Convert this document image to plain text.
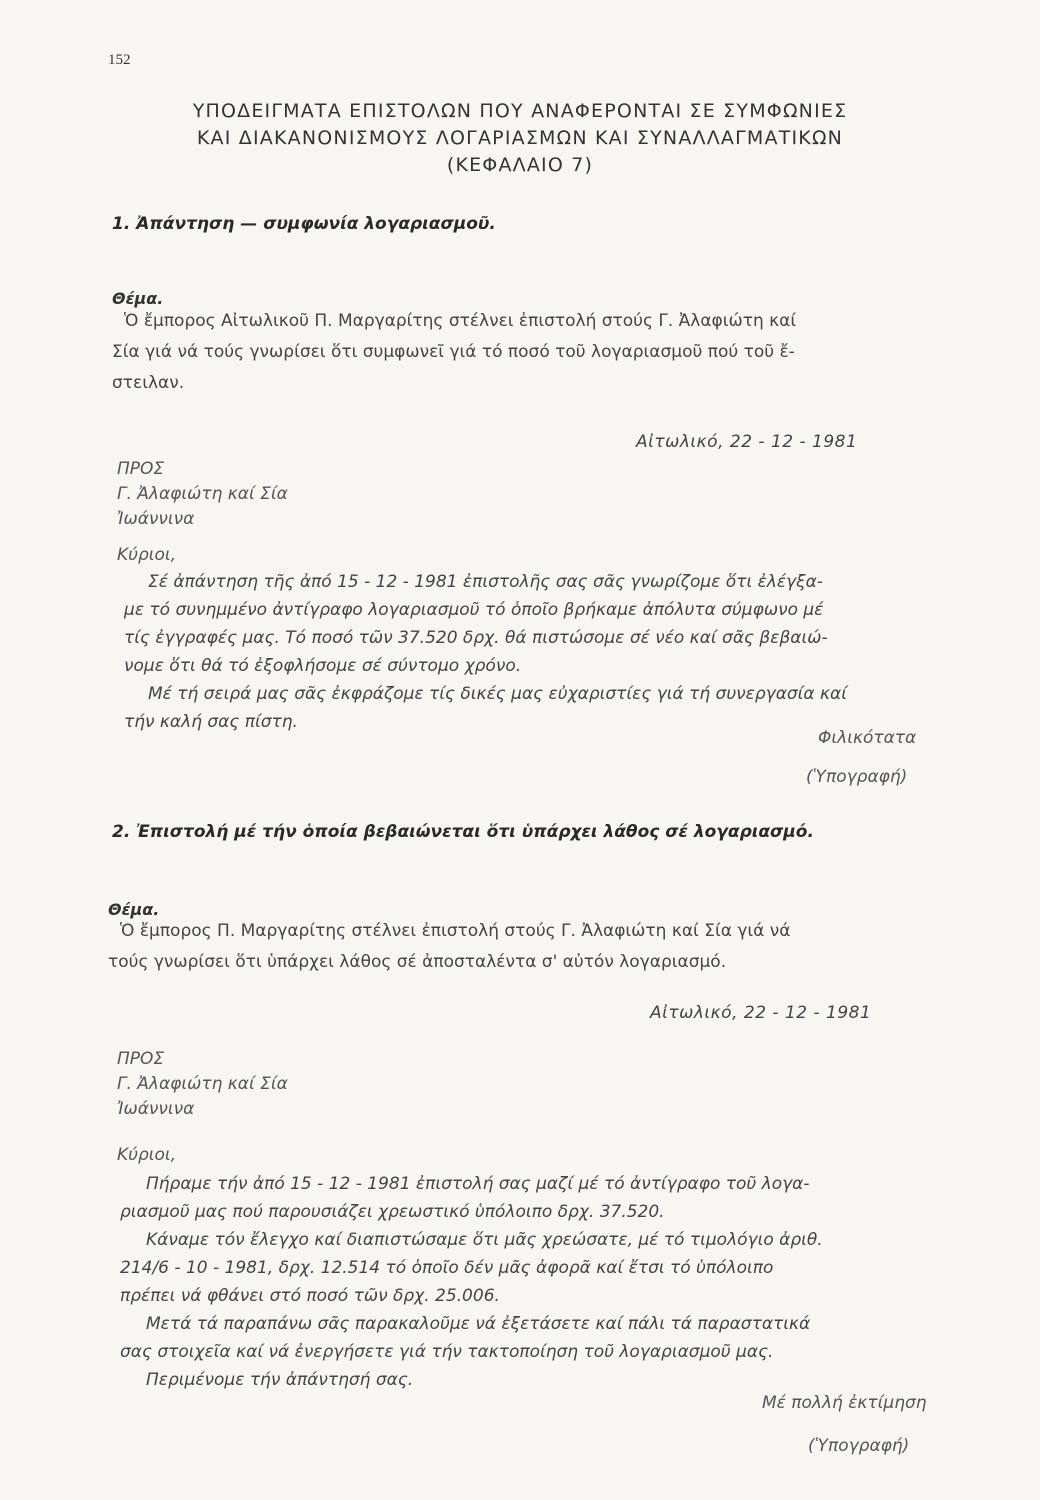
152
ΥΠΟΔΕΙΓΜΑΤΑ ΕΠΙΣΤΟΛΩΝ ΠΟΥ ΑΝΑΦΕΡΟΝΤΑΙ ΣΕ ΣΥΜΦΩΝΙΕΣ
ΚΑΙ ΔΙΑΚΑΝΟΝΙΣΜΟΥΣ ΛΟΓΑΡΙΑΣΜΩΝ ΚΑΙ ΣΥΝΑΛΛΑΓΜΑΤΙΚΩΝ
(ΚΕΦΑΛΑΙΟ 7)
1. Ἀπάντηση — συμφωνία λογαριασμοῦ.
Θέμα.
Ὁ ἔμπορος Αἰτωλικοῦ Π. Μαργαρίτης στέλνει ἐπιστολή στούς Γ. Ἀλαφιώτη καί
Σία γιά νά τούς γνωρίσει ὅτι συμφωνεῖ γιά τό ποσό τοῦ λογαριασμοῦ πού τοῦ ἔ-
στειλαν.
Αἰτωλικό, 22 - 12 - 1981
ΠΡΟΣ
Γ. Ἀλαφιώτη καί Σία
Ἰωάννινα
Κύριοι,
Σέ ἀπάντηση τῆς ἀπό 15 - 12 - 1981 ἐπιστολῆς σας σᾶς γνωρίζομε ὅτι ἐλέγξα-
με τό συνημμένο ἀντίγραφο λογαριασμοῦ τό ὁποῖο βρήκαμε ἀπόλυτα σύμφωνο μέ
τίς ἐγγραφές μας. Τό ποσό τῶν 37.520 δρχ. θά πιστώσομε σέ νέο καί σᾶς βεβαιώ-
νομε ὅτι θά τό ἐξοφλήσομε σέ σύντομο χρόνο.
Μέ τή σειρά μας σᾶς ἐκφράζομε τίς δικές μας εὐχαριστίες γιά τή συνεργασία καί
τήν καλή σας πίστη.
Φιλικότατα
(Ὑπογραφή)
2. Ἐπιστολή μέ τήν ὁποία βεβαιώνεται ὅτι ὑπάρχει λάθος σέ λογαριασμό.
Θέμα.
Ὁ ἔμπορος Π. Μαργαρίτης στέλνει ἐπιστολή στούς Γ. Ἀλαφιώτη καί Σία γιά νά
τούς γνωρίσει ὅτι ὑπάρχει λάθος σέ ἀποσταλέντα σ' αὐτόν λογαριασμό.
Αἰτωλικό, 22 - 12 - 1981
ΠΡΟΣ
Γ. Ἀλαφιώτη καί Σία
Ἰωάννινα
Κύριοι,
Πήραμε τήν ἀπό 15 - 12 - 1981 ἐπιστολή σας μαζί μέ τό ἀντίγραφο τοῦ λογα-
ριασμοῦ μας πού παρουσιάζει χρεωστικό ὑπόλοιπο δρχ. 37.520.
Κάναμε τόν ἔλεγχο καί διαπιστώσαμε ὅτι μᾶς χρεώσατε, μέ τό τιμολόγιο ἀριθ.
214/6 - 10 - 1981, δρχ. 12.514 τό ὁποῖο δέν μᾶς ἀφορᾶ καί ἔτσι τό ὑπόλοιπο
πρέπει νά φθάνει στό ποσό τῶν δρχ. 25.006.
Μετά τά παραπάνω σᾶς παρακαλοῦμε νά ἐξετάσετε καί πάλι τά παραστατικά
σας στοιχεῖα καί νά ἐνεργήσετε γιά τήν τακτοποίηση τοῦ λογαριασμοῦ μας.
Περιμένομε τήν ἀπάντησή σας.
Μέ πολλή ἐκτίμηση
(Ὑπογραφή)
